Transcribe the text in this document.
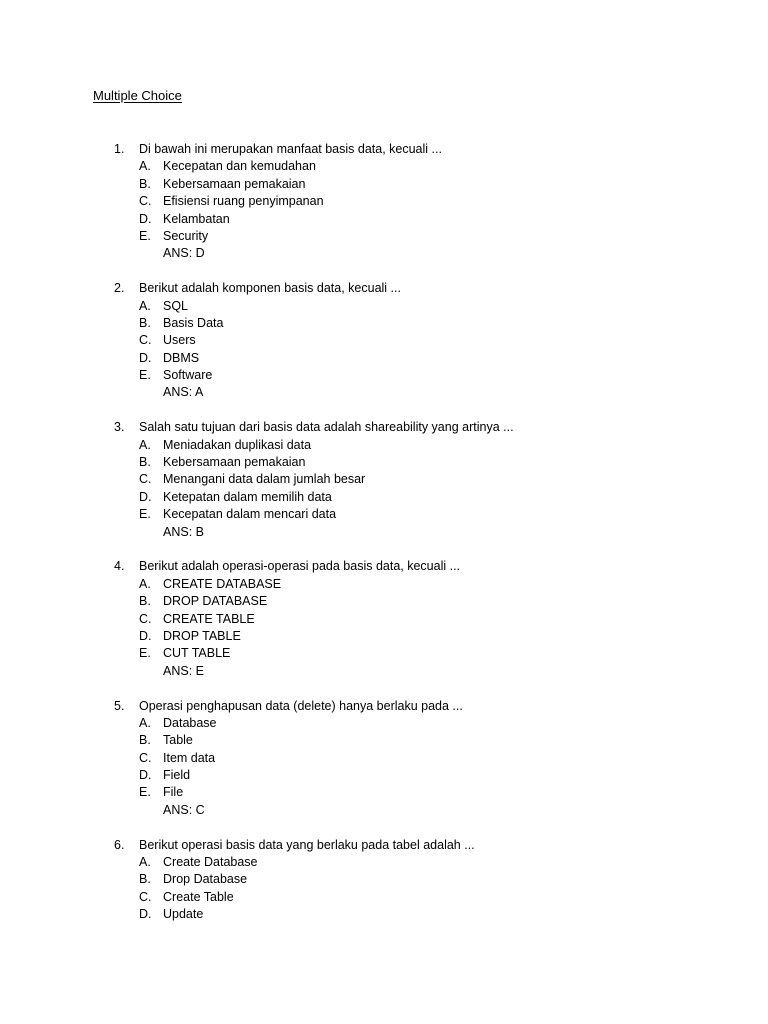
Multiple Choice
1.	Di bawah ini merupakan manfaat basis data, kecuali ...
A. Kecepatan dan kemudahan
B. Kebersamaan pemakaian
C. Efisiensi ruang penyimpanan
D. Kelambatan
E. Security
ANS: D
2.	Berikut adalah komponen basis data, kecuali ...
A. SQL
B. Basis Data
C. Users
D. DBMS
E. Software
ANS: A
3.	Salah satu tujuan dari basis data adalah shareability yang artinya ...
A. Meniadakan duplikasi data
B. Kebersamaan pemakaian
C. Menangani data dalam jumlah besar
D. Ketepatan dalam memilih data
E. Kecepatan dalam mencari data
ANS: B
4.	Berikut adalah operasi-operasi pada basis data, kecuali ...
A. CREATE DATABASE
B. DROP DATABASE
C. CREATE TABLE
D. DROP TABLE
E. CUT TABLE
ANS: E
5.	Operasi penghapusan data (delete) hanya berlaku pada ...
A. Database
B. Table
C. Item data
D. Field
E. File
ANS: C
6.	Berikut operasi basis data yang berlaku pada tabel adalah ...
A. Create Database
B. Drop Database
C. Create Table
D. Update
